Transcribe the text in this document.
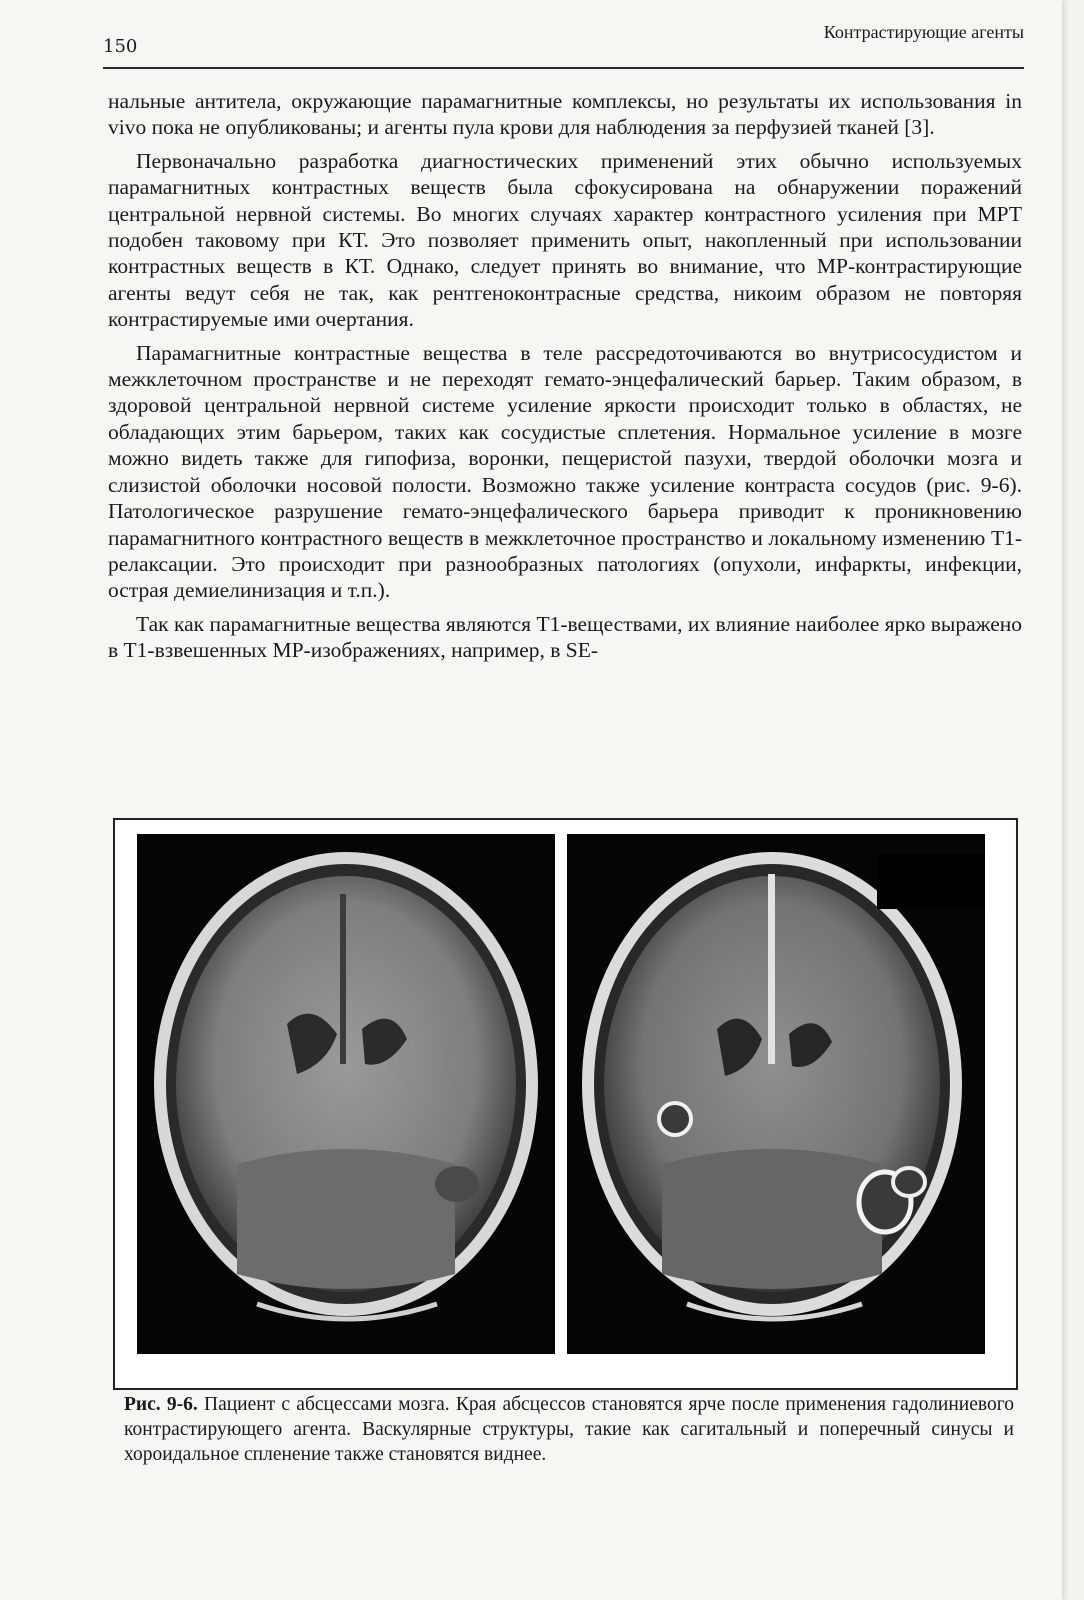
150
Контрастирующие агенты

нальные антитела, окружающие парамагнитные комплексы, но результаты их использования in vivo пока не опубликованы; и агенты пула крови для наблюдения за перфузией тканей [3].

Первоначально разработка диагностических применений этих обычно используемых парамагнитных контрастных веществ была сфокусирована на обнаружении поражений центральной нервной системы. Во многих случаях характер контрастного усиления при МРТ подобен таковому при КТ. Это позволяет применить опыт, накопленный при использовании контрастных веществ в КТ. Однако, следует принять во внимание, что МР-контрастирующие агенты ведут себя не так, как рентгеноконтрасные средства, никоим образом не повторяя контрастируемые ими очертания.

Парамагнитные контрастные вещества в теле рассредоточиваются во внутрисосудистом и межклеточном пространстве и не переходят гемато-энцефалический барьер. Таким образом, в здоровой центральной нервной системе усиление яркости происходит только в областях, не обладающих этим барьером, таких как сосудистые сплетения. Нормальное усиление в мозге можно видеть также для гипофиза, воронки, пещеристой пазухи, твердой оболочки мозга и слизистой оболочки носовой полости. Возможно также усиление контраста сосудов (рис. 9-6). Патологическое разрушение гемато-энцефалического барьера приводит к проникновению парамагнитного контрастного веществ в межклеточное пространство и локальному изменению T1-релаксации. Это происходит при разнообразных патологиях (опухоли, инфаркты, инфекции, острая демиелинизация и т.п.).

Так как парамагнитные вещества являются T1-веществами, их влияние наиболее ярко выражено в T1-взвешенных МР-изображениях, например, в SE-

Рис. 9-6. Пациент с абсцессами мозга. Края абсцессов становятся ярче после применения гадолиниевого контрастирующего агента. Васкулярные структуры, такие как сагитальный и поперечный синусы и хороидальное спленение также становятся виднее.
